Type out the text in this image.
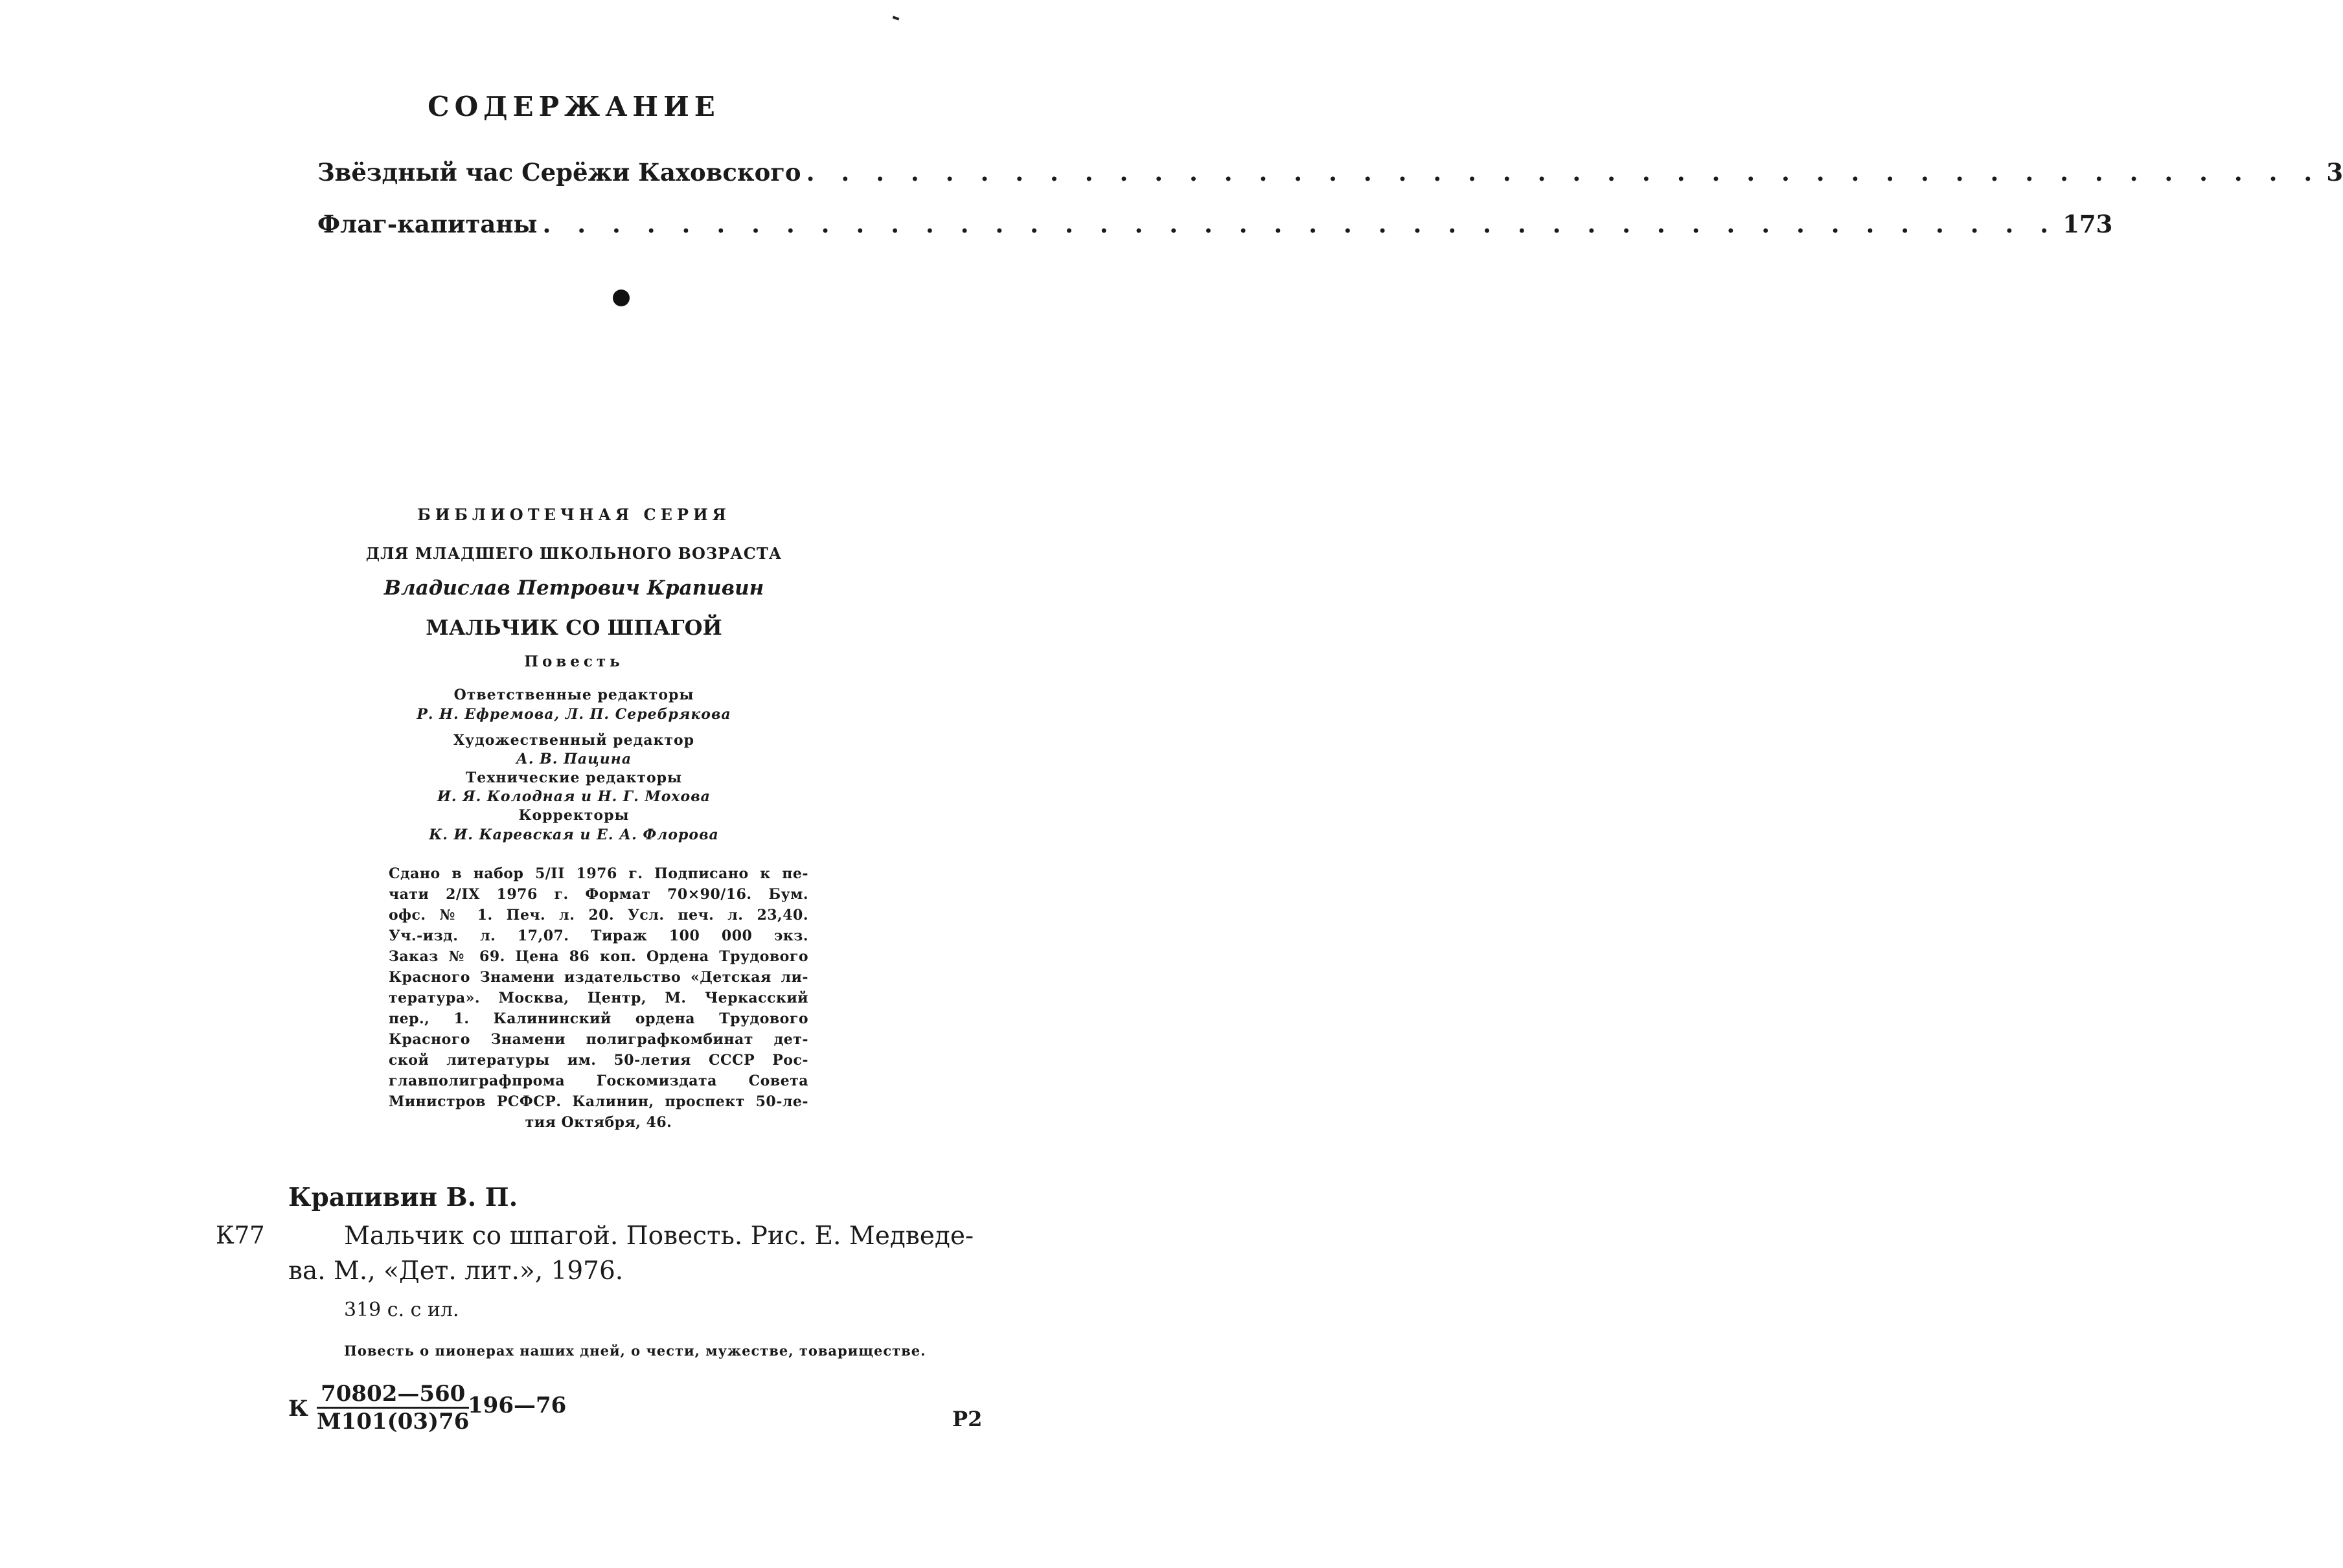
СОДЕРЖАНИЕ
Звёздный час Серёжи Каховского . . . . . . . . . . . . . . . . . . . . . . . . . . . . . . . . . . . . . . . . . . . . 3
Флаг-капитаны . . . . . . . . . . . . . . . . . . . . . . . . . . . . . . . . . . . . . . . . . . . . 173
БИБЛИОТЕЧНАЯ СЕРИЯ
ДЛЯ МЛАДШЕГО ШКОЛЬНОГО ВОЗРАСТА
Владислав Петрович Крапивин
МАЛЬЧИК СО ШПАГОЙ
Повесть
Ответственные редакторы
Р. Н. Ефремова, Л. П. Серебрякова
Художественный редактор
А. В. Пацина
Технические редакторы
И. Я. Колодная и Н. Г. Мохова
Корректоры
К. И. Каревская и Е. А. Флорова
Сдано в набор 5/II 1976 г. Подписано к пе-
чати 2/IX 1976 г. Формат 70×90/16. Бум.
офс. № 1. Печ. л. 20. Усл. печ. л. 23,40.
Уч.-изд. л. 17,07. Тираж 100 000 экз.
Заказ № 69. Цена 86 коп. Ордена Трудового
Красного Знамени издательство «Детская ли-
тература». Москва, Центр, М. Черкасский
пер., 1. Калининский ордена Трудового
Красного Знамени полиграфкомбинат дет-
ской литературы им. 50-летия СССР Рос-
главполиграфпрома Госкомиздата Совета
Министров РСФСР. Калинин, проспект 50-ле-
тия Октября, 46.
Крапивин В. П.
К77	Мальчик со шпагой. Повесть. Рис. Е. Медведе-
ва. М., «Дет. лит.», 1976.
319 с. с ил.
Повесть о пионерах наших дней, о чести, мужестве, товариществе.
К
70802—560
М101(03)76
196—76
Р2
